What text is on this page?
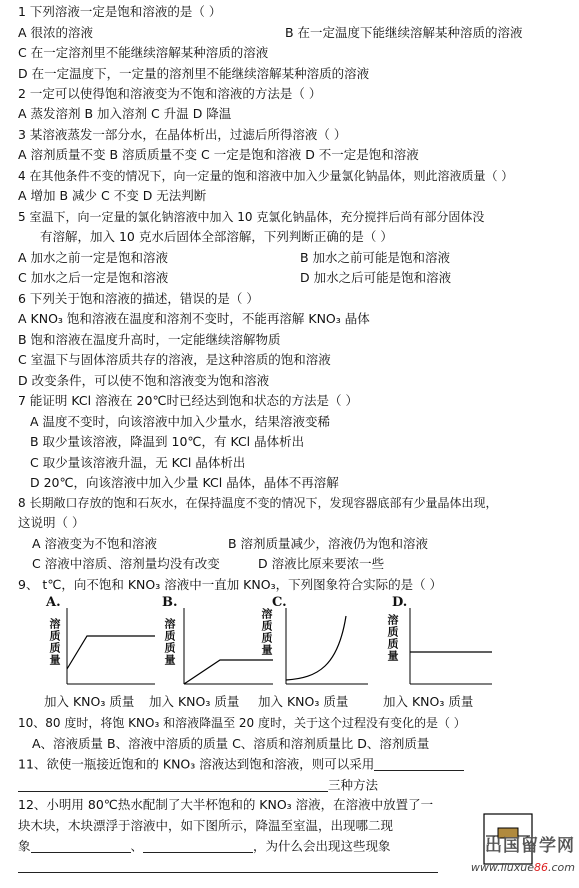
1 下列溶液一定是饱和溶液的是（ ）
A 很浓的溶液	B 在一定温度下能继续溶解某种溶质的溶液
C 在一定溶剂里不能继续溶解某种溶质的溶液
D 在一定温度下，一定量的溶剂里不能继续溶解某种溶质的溶液
2 一定可以使得饱和溶液变为不饱和溶液的方法是（ ）
A 蒸发溶剂 B 加入溶剂 C 升温 D 降温
3 某溶液蒸发一部分水，在晶体析出，过滤后所得溶液（ ）
A 溶剂质量不变 B 溶质质量不变 C 一定是饱和溶液 D 不一定是饱和溶液
4 在其他条件不变的情况下，向一定量的饱和溶液中加入少量氯化钠晶体，则此溶液质量（ ）
A 增加 B 减少 C 不变 D 无法判断
5 室温下，向一定量的氯化钠溶液中加入 10 克氯化钠晶体，充分搅拌后尚有部分固体没
有溶解，加入 10 克水后固体全部溶解，下列判断正确的是（ ）
A 加水之前一定是饱和溶液	B 加水之前可能是饱和溶液
C 加水之后一定是饱和溶液	D 加水之后可能是饱和溶液
6 下列关于饱和溶液的描述，错误的是（ ）
A KNO₃ 饱和溶液在温度和溶剂不变时，不能再溶解 KNO₃ 晶体
B 饱和溶液在温度升高时，一定能继续溶解物质
C 室温下与固体溶质共存的溶液，是这种溶质的饱和溶液
D 改变条件，可以使不饱和溶液变为饱和溶液
7 能证明 KCl 溶液在 20℃时已经达到饱和状态的方法是（ ）
A 温度不变时，向该溶液中加入少量水，结果溶液变稀
B 取少量该溶液，降温到 10℃，有 KCl 晶体析出
C 取少量该溶液升温，无 KCl 晶体析出
D 20℃，向该溶液中加入少量 KCl 晶体，晶体不再溶解
8 长期敞口存放的饱和石灰水，在保持温度不变的情况下，发现容器底部有少量晶体出现，
这说明（ ）
A 溶液变为不饱和溶液	B 溶剂质量减少，溶液仍为饱和溶液
C 溶液中溶质、溶剂量均没有改变	D 溶液比原来要浓一些
9、 t℃，向不饱和 KNO₃ 溶液中一直加 KNO₃，下列图象符合实际的是（ ）
A.
溶质质量
B.
溶质质量
C.
溶质质量
D.
溶质质量
加入 KNO₃ 质量 加入 KNO₃ 质量 加入 KNO₃ 质量	加入 KNO₃ 质量
10、80 度时，将饱 KNO₃ 和溶液降温至 20 度时，关于这个过程没有变化的是（ ）
A、溶液质量 B、溶液中溶质的质量 C、溶质和溶剂质量比 D、溶剂质量
11、欲使一瓶接近饱和的 KNO₃ 溶液达到饱和溶液，则可以采用
三种方法
12、小明用 80℃热水配制了大半杯饱和的 KNO₃ 溶液，在溶液中放置了一
块木块，木块漂浮于溶液中，如下图所示，降温至室温，出现哪二现
象	、	，为什么会出现这些现象	出国留学网
www.liuxue86.com
